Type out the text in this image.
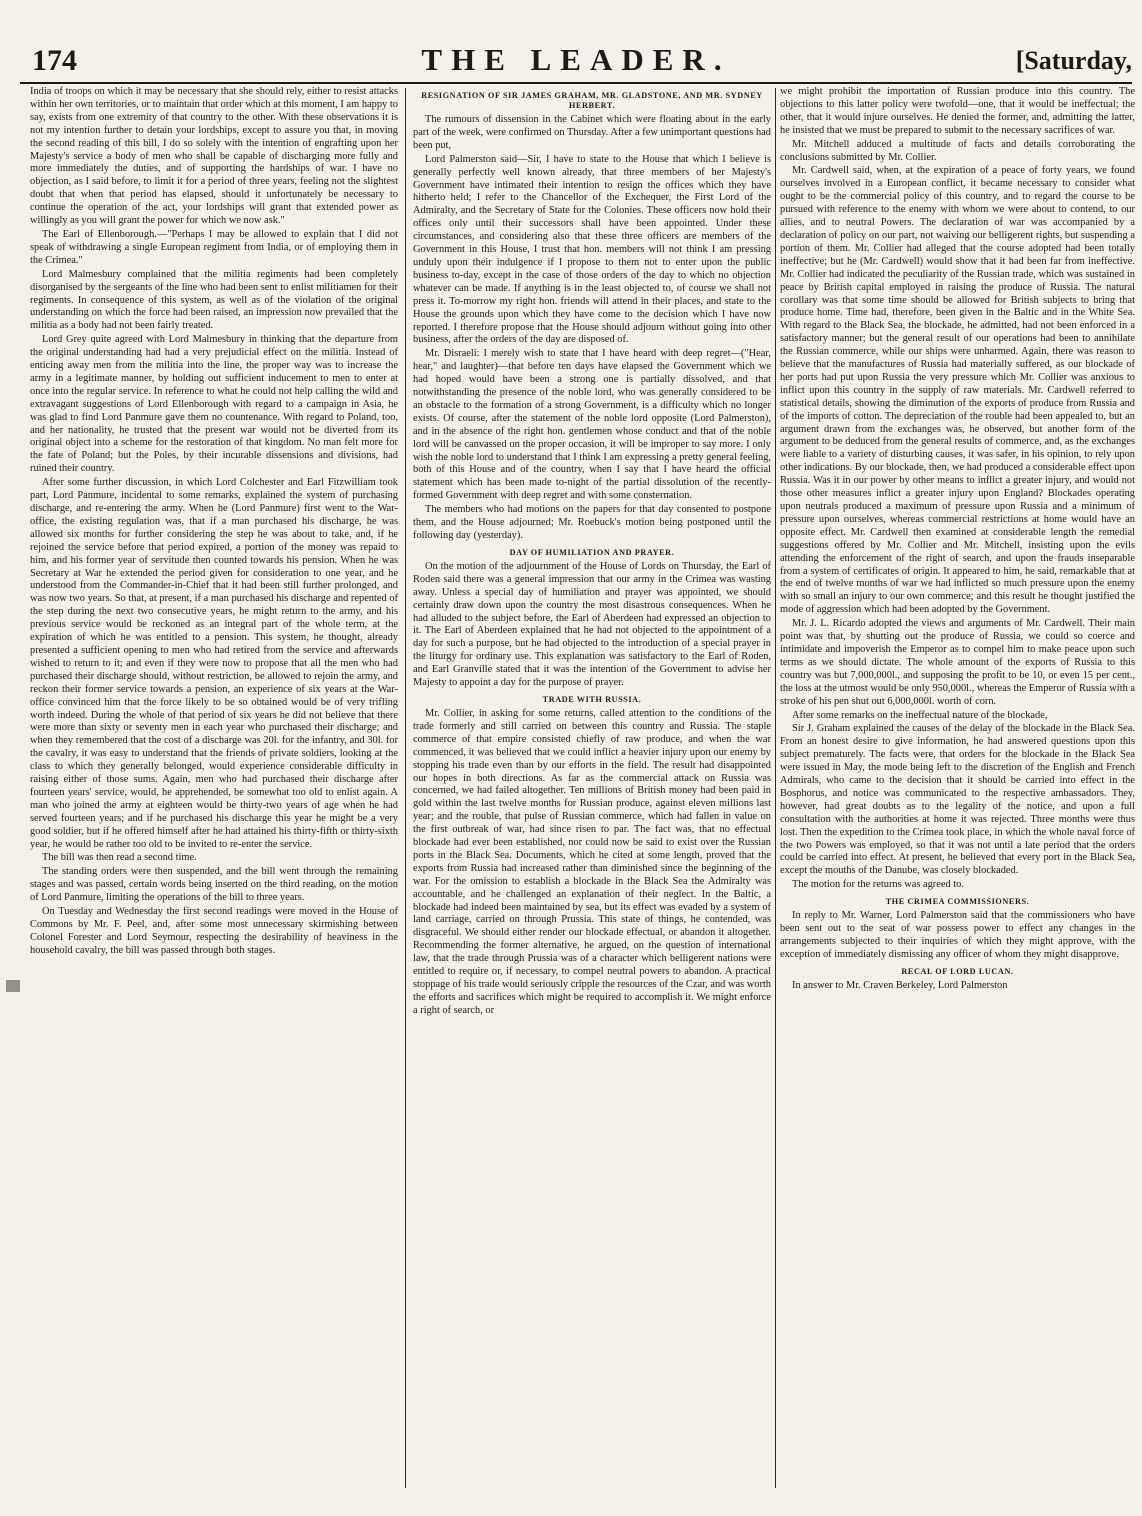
174	THE LEADER.	[Saturday,

India of troops on which it may be necessary that she should rely, either to resist attacks within her own territories, or to maintain that order which at this moment, I am happy to say, exists from one extremity of that country to the other. With these observations it is not my intention further to detain your lordships, except to assure you that, in moving the second reading of this bill, I do so solely with the intention of engrafting upon her Majesty's service a body of men who shall be capable of discharging more fully and more immediately the duties, and of supporting the hardships of war. I have no objection, as I said before, to limit it for a period of three years, feeling not the slightest doubt that when that period has elapsed, should it unfortunately be necessary to continue the operation of the act, your lordships will grant that extended power as willingly as you will grant the power for which we now ask."

The Earl of Ellenborough.—"Perhaps I may be allowed to explain that I did not speak of withdrawing a single European regiment from India, or of employing them in the Crimea."

Lord Malmesbury complained that the militia regiments had been completely disorganised by the sergeants of the line who had been sent to enlist militiamen for their regiments. In consequence of this system, as well as of the violation of the original understanding on which the force had been raised, an impression now prevailed that the militia as a body had not been fairly treated.

Lord Grey quite agreed with Lord Malmesbury in thinking that the departure from the original understanding had had a very prejudicial effect on the militia. Instead of enticing away men from the militia into the line, the proper way was to increase the army in a legitimate manner, by holding out sufficient inducement to men to enter at once into the regular service. In reference to what he could not help calling the wild and extravagant suggestions of Lord Ellenborough with regard to a campaign in Asia, he was glad to find Lord Panmure gave them no countenance. With regard to Poland, too, and her nationality, he trusted that the present war would not be diverted from its original object into a scheme for the restoration of that kingdom. No man felt more for the fate of Poland; but the Poles, by their incurable dissensions and divisions, had ruined their country.

After some further discussion, in which Lord Colchester and Earl Fitzwilliam took part, Lord Panmure, incidental to some remarks, explained the system of purchasing discharge, and re-entering the army. When he (Lord Panmure) first went to the War-office, the existing regulation was, that if a man purchased his discharge, he was allowed six months for further considering the step he was about to take, and, if he rejoined the service before that period expired, a portion of the money was repaid to him, and his former year of servitude then counted towards his pension. When he was Secretary at War he extended the period given for consideration to one year, and he understood from the Commander-in-Chief that it had been still further prolonged, and was now two years. So that, at present, if a man purchased his discharge and repented of the step during the next two consecutive years, he might return to the army, and his previous service would be reckoned as an integral part of the whole term, at the expiration of which he was entitled to a pension. This system, he thought, already presented a sufficient opening to men who had retired from the service and afterwards wished to return to it; and even if they were now to propose that all the men who had purchased their discharge should, without restriction, be allowed to rejoin the army, and reckon their former service towards a pension, an experience of six years at the War-office convinced him that the force likely to be so obtained would be of very trifling worth indeed. During the whole of that period of six years he did not believe that there were more than sixty or seventy men in each year who purchased their discharge; and when they remembered that the cost of a discharge was 20l. for the infantry, and 30l. for the cavalry, it was easy to understand that the friends of private soldiers, looking at the class to which they generally belonged, would experience considerable difficulty in raising either of those sums. Again, men who had purchased their discharge after fourteen years' service, would, he apprehended, be somewhat too old to enlist again. A man who joined the army at eighteen would be thirty-two years of age when he had served fourteen years; and if he purchased his discharge this year he might be a very good soldier, but if he offered himself after he had attained his thirty-fifth or thirty-sixth year, he would be rather too old to be invited to re-enter the service.

The bill was then read a second time.

The standing orders were then suspended, and the bill went through the remaining stages and was passed, certain words being inserted on the third reading, on the motion of Lord Panmure, limiting the operations of the bill to three years.

On Tuesday and Wednesday the first second readings were moved in the House of Commons by Mr. F. Peel, and, after some most unnecessary skirmishing between Colonel Forester and Lord Seymour, respecting the desirability of heaviness in the household cavalry, the bill was passed through both stages.

RESIGNATION OF SIR JAMES GRAHAM, MR. GLADSTONE, AND MR. SYDNEY HERBERT.

The rumours of dissension in the Cabinet which were floating about in the early part of the week, were confirmed on Thursday. After a few unimportant questions had been put,

Lord Palmerston said—Sir, I have to state to the House that which I believe is generally perfectly well known already, that three members of her Majesty's Government have intimated their intention to resign the offices which they have hitherto held; I refer to the Chancellor of the Exchequer, the First Lord of the Admiralty, and the Secretary of State for the Colonies. These officers now hold their offices only until their successors shall have been appointed. Under these circumstances, and considering also that these three officers are members of the Government in this House, I trust that hon. members will not think I am pressing unduly upon their indulgence if I propose to them not to enter upon the public business to-day, except in the case of those orders of the day to which no objection whatever can be made. If anything is in the least objected to, of course we shall not press it. To-morrow my right hon. friends will attend in their places, and state to the House the grounds upon which they have come to the decision which I have now reported. I therefore propose that the House should adjourn without going into other business, after the orders of the day are disposed of.

Mr. Disraeli: I merely wish to state that I have heard with deep regret—("Hear, hear," and laughter)—that before ten days have elapsed the Government which we had hoped would have been a strong one is partially dissolved, and that notwithstanding the presence of the noble lord, who was generally considered to be an obstacle to the formation of a strong Government, is a difficulty which no longer exists. Of course, after the statement of the noble lord opposite (Lord Palmerston), and in the absence of the right hon. gentlemen whose conduct and that of the noble lord will be canvassed on the proper occasion, it will be improper to say more. I only wish the noble lord to understand that I think I am expressing a pretty general feeling, both of this House and of the country, when I say that I have heard the official statement which has been made to-night of the partial dissolution of the recently-formed Government with deep regret and with some consternation.

The members who had motions on the papers for that day consented to postpone them, and the House adjourned; Mr. Roebuck's motion being postponed until the following day (yesterday).

DAY OF HUMILIATION AND PRAYER.

On the motion of the adjournment of the House of Lords on Thursday, the Earl of Roden said there was a general impression that our army in the Crimea was wasting away. Unless a special day of humiliation and prayer was appointed, we should certainly draw down upon the country the most disastrous consequences. When he had alluded to the subject before, the Earl of Aberdeen had expressed an objection to it. The Earl of Aberdeen explained that he had not objected to the appointment of a day for such a purpose, but he had objected to the introduction of a special prayer in the liturgy for ordinary use. This explanation was satisfactory to the Earl of Roden, and Earl Granville stated that it was the intention of the Government to advise her Majesty to appoint a day for the purpose of prayer.

TRADE WITH RUSSIA.

Mr. Collier, in asking for some returns, called attention to the conditions of the trade formerly and still carried on between this country and Russia. The staple commerce of that empire consisted chiefly of raw produce, and when the war commenced, it was believed that we could inflict a heavier injury upon our enemy by stopping his trade even than by our efforts in the field. The result had disappointed our hopes in both directions. As far as the commercial attack on Russia was concerned, we had failed altogether. Ten millions of British money had been paid in gold within the last twelve months for Russian produce, against eleven millions last year; and the rouble, that pulse of Russian commerce, which had fallen in value on the first outbreak of war, had since risen to par. The fact was, that no effectual blockade had ever been established, nor could now be said to exist over the Russian ports in the Black Sea. Documents, which he cited at some length, proved that the exports from Russia had increased rather than diminished since the beginning of the war. For the omission to establish a blockade in the Black Sea the Admiralty was accountable, and he challenged an explanation of their neglect. In the Baltic, a blockade had indeed been maintained by sea, but its effect was evaded by a system of land carriage, carried on through Prussia. This state of things, he contended, was disgraceful. We should either render our blockade effectual, or abandon it altogether. Recommending the former alternative, he argued, on the question of international law, that the trade through Prussia was of a character which belligerent nations were entitled to require or, if necessary, to compel neutral powers to abandon. A practical stoppage of his trade would seriously cripple the resources of the Czar, and was worth the efforts and sacrifices which might be required to accomplish it. We might enforce a right of search, or

we might prohibit the importation of Russian produce into this country. The objections to this latter policy were twofold—one, that it would be ineffectual; the other, that it would injure ourselves. He denied the former, and, admitting the latter, he insisted that we must be prepared to submit to the necessary sacrifices of war.

Mr. Mitchell adduced a multitude of facts and details corroborating the conclusions submitted by Mr. Collier.

Mr. Cardwell said, when, at the expiration of a peace of forty years, we found ourselves involved in a European conflict, it became necessary to consider what ought to be the commercial policy of this country, and to regard the course to be pursued with reference to the enemy with whom we were about to contend, to our allies, and to neutral Powers. The declaration of war was accompanied by a declaration of policy on our part, not waiving our belligerent rights, but suspending a portion of them. Mr. Collier had alleged that the course adopted had been totally ineffective; but he (Mr. Cardwell) would show that it had been far from ineffective. Mr. Collier had indicated the peculiarity of the Russian trade, which was sustained in peace by British capital employed in raising the produce of Russia. The natural corollary was that some time should be allowed for British subjects to bring that produce home. Time had, therefore, been given in the Baltic and in the White Sea. With regard to the Black Sea, the blockade, he admitted, had not been enforced in a satisfactory manner; but the general result of our operations had been to annihilate the Russian commerce, while our ships were unharmed. Again, there was reason to believe that the manufactures of Russia had materially suffered, as our blockade of her ports had put upon Russia the very pressure which Mr. Collier was anxious to inflict upon this country in the supply of raw materials. Mr. Cardwell referred to statistical details, showing the diminution of the exports of produce from Russia and of the imports of cotton. The depreciation of the rouble had been appealed to, but an argument drawn from the exchanges was, he observed, but another form of the argument to be deduced from the general results of commerce, and, as the exchanges were liable to a variety of disturbing causes, it was safer, in his opinion, to rely upon other indications. By our blockade, then, we had produced a considerable effect upon Russia. Was it in our power by other means to inflict a greater injury, and would not those other measures inflict a greater injury upon England? Blockades operating upon neutrals produced a maximum of pressure upon Russia and a minimum of pressure upon ourselves, whereas commercial restrictions at home would have an opposite effect. Mr. Cardwell then examined at considerable length the remedial suggestions offered by Mr. Collier and Mr. Mitchell, insisting upon the evils attending the enforcement of the right of search, and upon the frauds inseparable from a system of certificates of origin. It appeared to him, he said, remarkable that at the end of twelve months of war we had inflicted so much pressure upon the enemy with so small an injury to our own commerce; and this result he thought justified the mode of aggression which had been adopted by the Government.

Mr. J. L. Ricardo adopted the views and arguments of Mr. Cardwell. Their main point was that, by shutting out the produce of Russia, we could so coerce and intimidate and impoverish the Emperor as to compel him to make peace upon such terms as we should dictate. The whole amount of the exports of Russia to this country was but 7,000,000l., and supposing the profit to be 10, or even 15 per cent., the loss at the utmost would be only 950,000l., whereas the Emperor of Russia with a stroke of his pen shut out 6,000,000l. worth of corn.

After some remarks on the ineffectual nature of the blockade,

Sir J. Graham explained the causes of the delay of the blockade in the Black Sea. From an honest desire to give information, he had answered questions upon this subject prematurely. The facts were, that orders for the blockade in the Black Sea were issued in May, the mode being left to the discretion of the English and French Admirals, who came to the decision that it should be carried into effect in the Bosphorus, and notice was communicated to the respective ambassadors. They, however, had great doubts as to the legality of the notice, and upon a full consultation with the authorities at home it was rejected. Three months were thus lost. Then the expedition to the Crimea took place, in which the whole naval force of the two Powers was employed, so that it was not until a late period that the orders could be carried into effect. At present, he believed that every port in the Black Sea, except the mouths of the Danube, was closely blockaded.

The motion for the returns was agreed to.

THE CRIMEA COMMISSIONERS.

In reply to Mr. Warner, Lord Palmerston said that the commissioners who have been sent out to the seat of war possess power to effect any changes in the arrangements subjected to their inquiries of which they might approve, with the exception of immediately dismissing any officer of whom they might disapprove.

RECAL OF LORD LUCAN.

In answer to Mr. Craven Berkeley, Lord Palmerston
